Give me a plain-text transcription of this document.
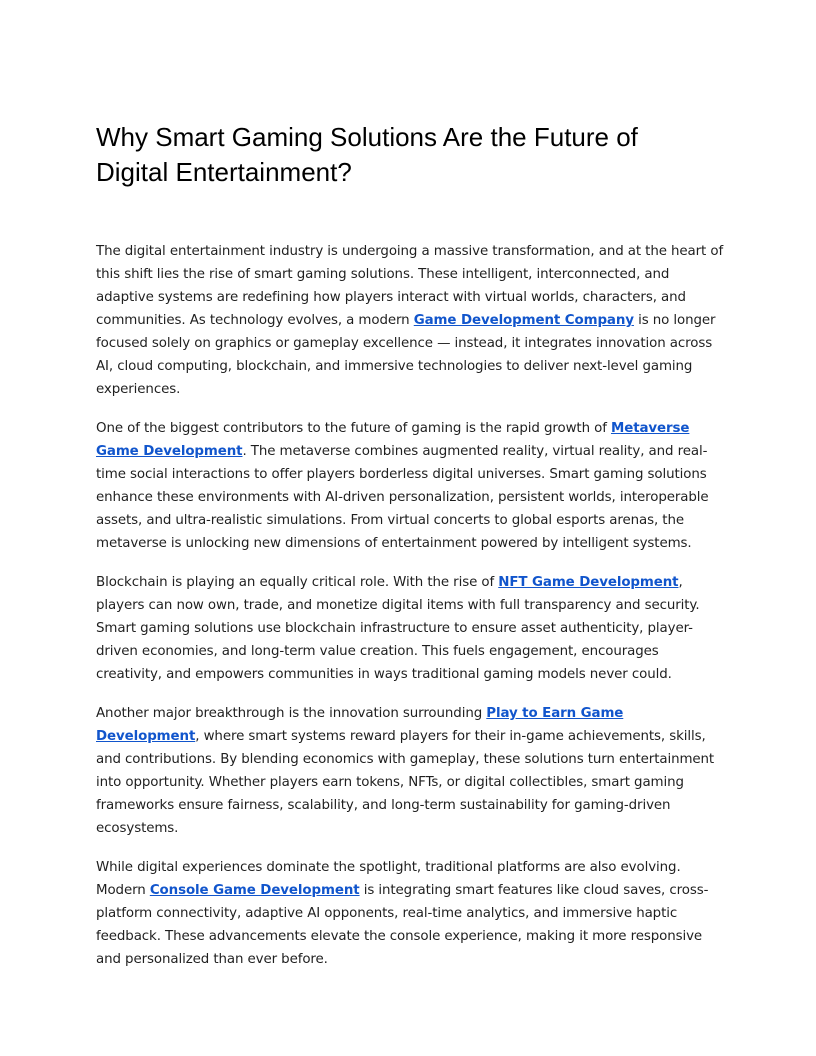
Why Smart Gaming Solutions Are the Future of Digital Entertainment?

The digital entertainment industry is undergoing a massive transformation, and at the heart of this shift lies the rise of smart gaming solutions. These intelligent, interconnected, and adaptive systems are redefining how players interact with virtual worlds, characters, and communities. As technology evolves, a modern Game Development Company is no longer focused solely on graphics or gameplay excellence — instead, it integrates innovation across AI, cloud computing, blockchain, and immersive technologies to deliver next-level gaming experiences.

One of the biggest contributors to the future of gaming is the rapid growth of Metaverse Game Development. The metaverse combines augmented reality, virtual reality, and real-time social interactions to offer players borderless digital universes. Smart gaming solutions enhance these environments with AI-driven personalization, persistent worlds, interoperable assets, and ultra-realistic simulations. From virtual concerts to global esports arenas, the metaverse is unlocking new dimensions of entertainment powered by intelligent systems.

Blockchain is playing an equally critical role. With the rise of NFT Game Development, players can now own, trade, and monetize digital items with full transparency and security. Smart gaming solutions use blockchain infrastructure to ensure asset authenticity, player-driven economies, and long-term value creation. This fuels engagement, encourages creativity, and empowers communities in ways traditional gaming models never could.

Another major breakthrough is the innovation surrounding Play to Earn Game Development, where smart systems reward players for their in-game achievements, skills, and contributions. By blending economics with gameplay, these solutions turn entertainment into opportunity. Whether players earn tokens, NFTs, or digital collectibles, smart gaming frameworks ensure fairness, scalability, and long-term sustainability for gaming-driven ecosystems.

While digital experiences dominate the spotlight, traditional platforms are also evolving. Modern Console Game Development is integrating smart features like cloud saves, cross-platform connectivity, adaptive AI opponents, real-time analytics, and immersive haptic feedback. These advancements elevate the console experience, making it more responsive and personalized than ever before.
